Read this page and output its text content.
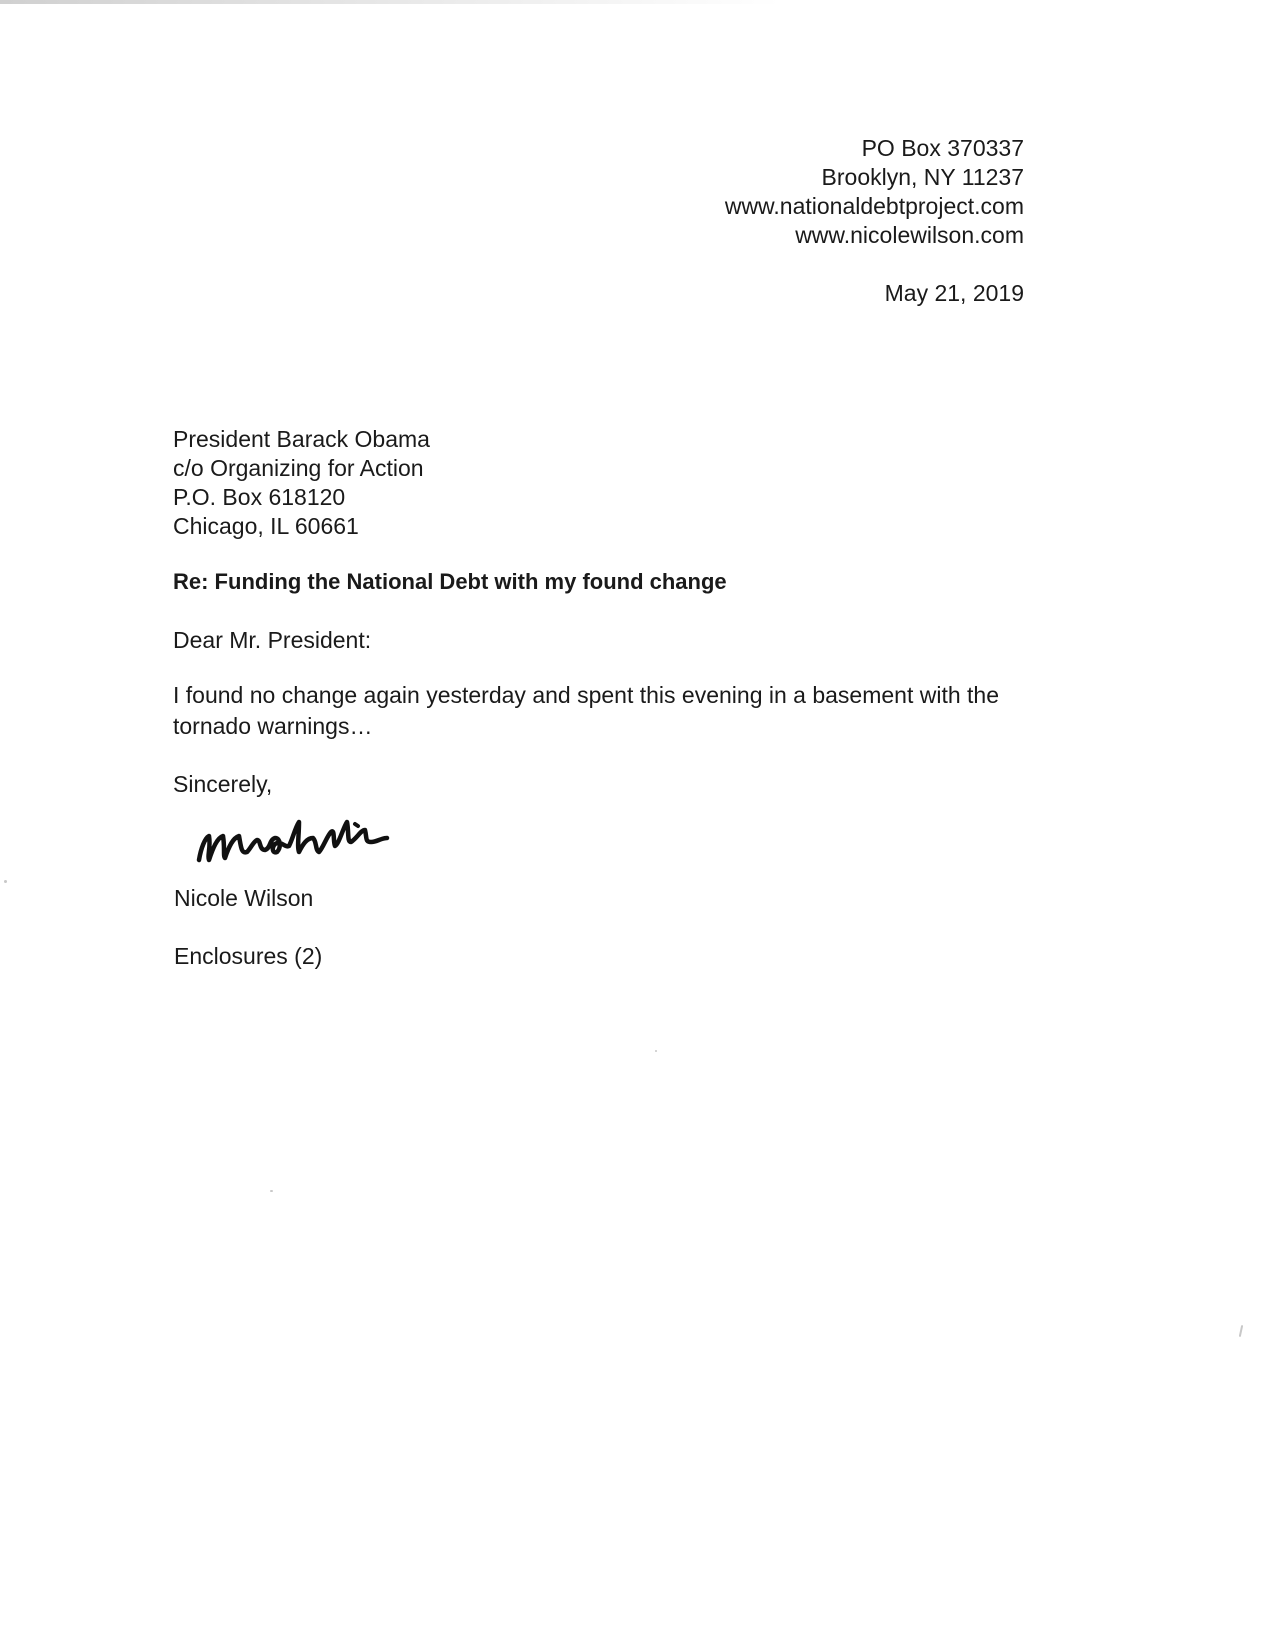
PO Box 370337
Brooklyn, NY 11237
www.nationaldebtproject.com
www.nicolewilson.com
May 21, 2019
President Barack Obama
c/o Organizing for Action
P.O. Box 618120
Chicago, IL 60661
Re: Funding the National Debt with my found change
Dear Mr. President:
I found no change again yesterday and spent this evening in a basement with the tornado warnings…
Sincerely,
Nicole Wilson
Enclosures (2)
